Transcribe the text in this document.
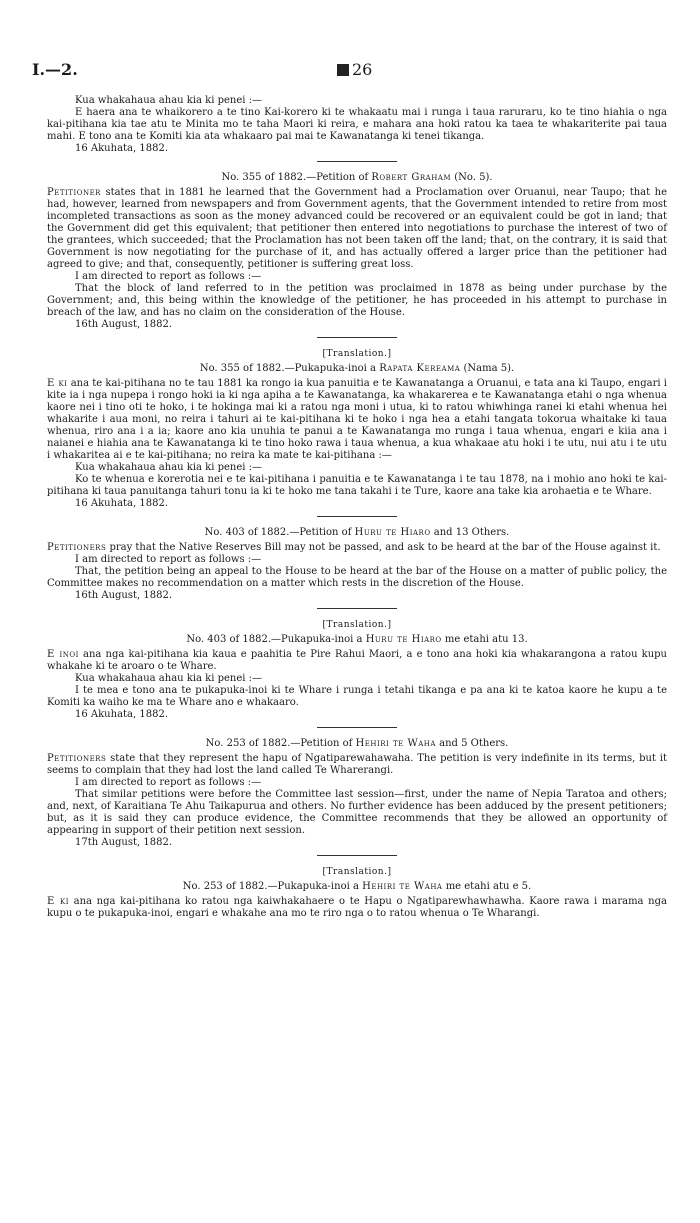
I.—2.	26

Kua whakahaua ahau kia ki penei :—

E haera ana te whaikorero a te tino Kai-korero ki te whakaatu mai i runga i taua raruraru, ko te tino hiahia o nga kai-pitihana kia tae atu te Minita mo te taha Maori ki reira, e mahara ana hoki ratou ka taea te whakariterite pai taua mahi. E tono ana te Komiti kia ata whakaaro pai mai te Kawanatanga ki tenei tikanga.

16 Akuhata, 1882.

No. 355 of 1882.—Petition of Robert Graham (No. 5).

Petitioner states that in 1881 he learned that the Government had a Proclamation over Oruanui, near Taupo; that he had, however, learned from newspapers and from Government agents, that the Government intended to retire from most incompleted transactions as soon as the money advanced could be recovered or an equivalent could be got in land; that the Government did get this equivalent; that petitioner then entered into negotiations to purchase the interest of two of the grantees, which succeeded; that the Proclamation has not been taken off the land; that, on the contrary, it is said that Government is now negotiating for the purchase of it, and has actually offered a larger price than the petitioner had agreed to give; and that, consequently, petitioner is suffering great loss.

I am directed to report as follows :—

That the block of land referred to in the petition was proclaimed in 1878 as being under purchase by the Government; and, this being within the knowledge of the petitioner, he has proceeded in his attempt to purchase in breach of the law, and has no claim on the consideration of the House.

16th August, 1882.

[Translation.]

No. 355 of 1882.—Pukapuka-inoi a Rapata Kereama (Nama 5).

E ki ana te kai-pitihana no te tau 1881 ka rongo ia kua panuitia e te Kawanatanga a Oruanui, e tata ana ki Taupo, engari i kite ia i nga nupepa i rongo hoki ia ki nga apiha a te Kawanatanga, ka whakarerea e te Kawanatanga etahi o nga whenua kaore nei i tino oti te hoko, i te hokinga mai ki a ratou nga moni i utua, ki to ratou whiwhinga ranei ki etahi whenua hei whakarite i aua moni, no reira i tahuri ai te kai-pitihana ki te hoko i nga hea a etahi tangata tokorua whaitake ki taua whenua, riro ana i a ia; kaore ano kia unuhia te panui a te Kawanatanga mo runga i taua whenua, engari e kiia ana i naianei e hiahia ana te Kawanatanga ki te tino hoko rawa i taua whenua, a kua whakaae atu hoki i te utu, nui atu i te utu i whakaritea ai e te kai-pitihana; no reira ka mate te kai-pitihana :—

Kua whakahaua ahau kia ki penei :—

Ko te whenua e korerotia nei e te kai-pitihana i panuitia e te Kawanatanga i te tau 1878, na i mohio ano hoki te kai-pitihana ki taua panuitanga tahuri tonu ia ki te hoko me tana takahi i te Ture, kaore ana take kia arohaetia e te Whare.

16 Akuhata, 1882.

No. 403 of 1882.—Petition of Huru te Hiaro and 13 Others.

Petitioners pray that the Native Reserves Bill may not be passed, and ask to be heard at the bar of the House against it.

I am directed to report as follows :—

That, the petition being an appeal to the House to be heard at the bar of the House on a matter of public policy, the Committee makes no recommendation on a matter which rests in the discretion of the House.

16th August, 1882.

[Translation.]

No. 403 of 1882.—Pukapuka-inoi a Huru te Hiaro me etahi atu 13.

E inoi ana nga kai-pitihana kia kaua e paahitia te Pire Rahui Maori, a e tono ana hoki kia whakarangona a ratou kupu whakahe ki te aroaro o te Whare.

Kua whakahaua ahau kia ki penei :—

I te mea e tono ana te pukapuka-inoi ki te Whare i runga i tetahi tikanga e pa ana ki te katoa kaore he kupu a te Komiti ka waiho ke ma te Whare ano e whakaaro.

16 Akuhata, 1882.

No. 253 of 1882.—Petition of Hehiri te Waha and 5 Others.

Petitioners state that they represent the hapu of Ngatiparewahawaha. The petition is very indefinite in its terms, but it seems to complain that they had lost the land called Te Wharerangi.

I am directed to report as follows :—

That similar petitions were before the Committee last session—first, under the name of Nepia Taratoa and others; and, next, of Karaitiana Te Ahu Taikapurua and others. No further evidence has been adduced by the present petitioners; but, as it is said they can produce evidence, the Committee recommends that they be allowed an opportunity of appearing in support of their petition next session.

17th August, 1882.

[Translation.]

No. 253 of 1882.—Pukapuka-inoi a Hehiri te Waha me etahi atu e 5.

E ki ana nga kai-pitihana ko ratou nga kaiwhakahaere o te Hapu o Ngatiparewhawhawha. Kaore rawa i marama nga kupu o te pukapuka-inoi, engari e whakahe ana mo te riro nga o to ratou whenua o Te Wharangi.
